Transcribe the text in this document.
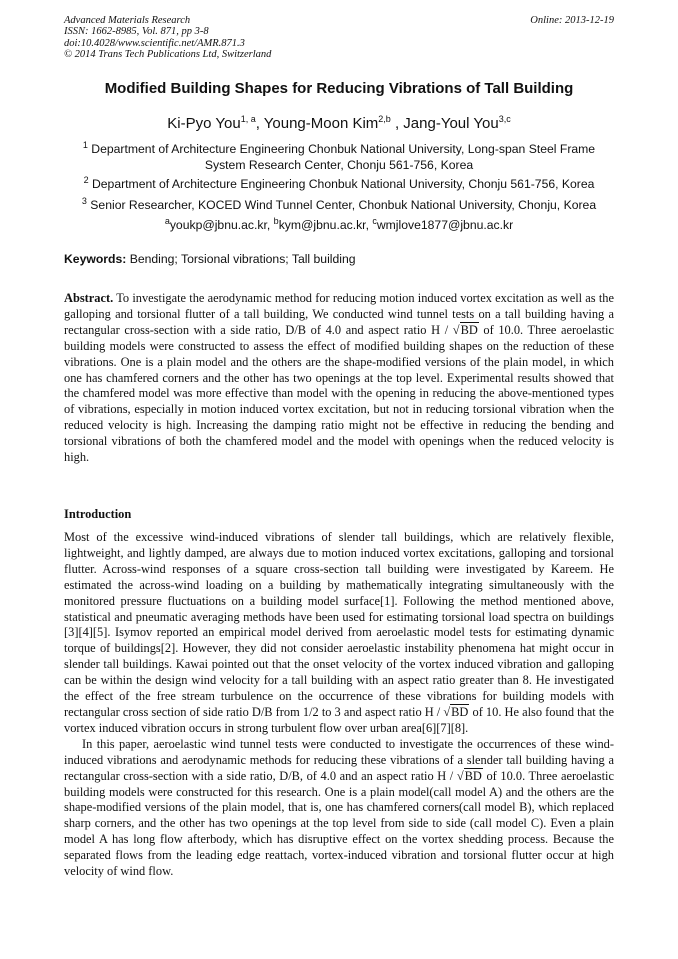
Advanced Materials Research
ISSN: 1662-8985, Vol. 871, pp 3-8
doi:10.4028/www.scientific.net/AMR.871.3
© 2014 Trans Tech Publications Ltd, Switzerland
Online: 2013-12-19
Modified Building Shapes for Reducing Vibrations of Tall Building
Ki-Pyo You$^{1, a}$, Young-Moon Kim$^{2,b}$ , Jang-Youl You$^{3,c}$
$^1$ Department of Architecture Engineering Chonbuk National University, Long-span Steel Frame System Research Center, Chonju 561-756, Korea
$^2$ Department of Architecture Engineering Chonbuk National University, Chonju 561-756, Korea
$^3$ Senior Researcher, KOCED Wind Tunnel Center, Chonbuk National University, Chonju, Korea
$^a$youkp@jbnu.ac.kr, $^b$kym@jbnu.ac.kr, $^c$wmjlove1877@jbnu.ac.kr
Keywords: Bending; Torsional vibrations; Tall building
Abstract. To investigate the aerodynamic method for reducing motion induced vortex excitation as well as the galloping and torsional flutter of a tall building, We conducted wind tunnel tests on a tall building having a rectangular cross-section with a side ratio, D/B of 4.0 and aspect ratio H / √BD of 10.0. Three aeroelastic building models were constructed to assess the effect of modified building shapes on the reduction of these vibrations. One is a plain model and the others are the shape-modified versions of the plain model, in which one has chamfered corners and the other has two openings at the top level. Experimental results showed that the chamfered model was more effective than model with the opening in reducing the above-mentioned types of vibrations, especially in motion induced vortex excitation, but not in reducing torsional vibration when the reduced velocity is high. Increasing the damping ratio might not be effective in reducing the bending and torsional vibrations of both the chamfered model and the model with openings when the reduced velocity is high.
Introduction
Most of the excessive wind-induced vibrations of slender tall buildings, which are relatively flexible, lightweight, and lightly damped, are always due to motion induced vortex excitations, galloping and torsional flutter. Across-wind responses of a square cross-section tall building were investigated by Kareem. He estimated the across-wind loading on a building by mathematically integrating simultaneously with the monitored pressure fluctuations on a building model surface[1]. Following the method mentioned above, statistical and pneumatic averaging methods have been used for estimating torsional load spectra on buildings [3][4][5]. Isymov reported an empirical model derived from aeroelastic model tests for estimating dynamic torque of buildings[2]. However, they did not consider aeroelastic instability phenomena hat might occur in slender tall buildings. Kawai pointed out that the onset velocity of the vortex induced vibration and galloping can be within the design wind velocity for a tall building with an aspect ratio greater than 8. He investigated the effect of the free stream turbulence on the occurrence of these vibrations for building models with rectangular cross section of side ratio D/B from 1/2 to 3 and aspect ratio H / √BD of 10. He also found that the vortex induced vibration occurs in strong turbulent flow over urban area[6][7][8].
In this paper, aeroelastic wind tunnel tests were conducted to investigate the occurrences of these wind-induced vibrations and aerodynamic methods for reducing these vibrations of a slender tall building having a rectangular cross-section with a side ratio, D/B, of 4.0 and an aspect ratio H / √BD of 10.0. Three aeroelastic building models were constructed for this research. One is a plain model(call model A) and the others are the shape-modified versions of the plain model, that is, one has chamfered corners(call model B), which replaced sharp corners, and the other has two openings at the top level from side to side (call model C). Even a plain model A has long flow afterbody, which has disruptive effect on the vortex shedding process. Because the separated flows from the leading edge reattach, vortex-induced vibration and torsional flutter occur at high velocity of wind flow.
